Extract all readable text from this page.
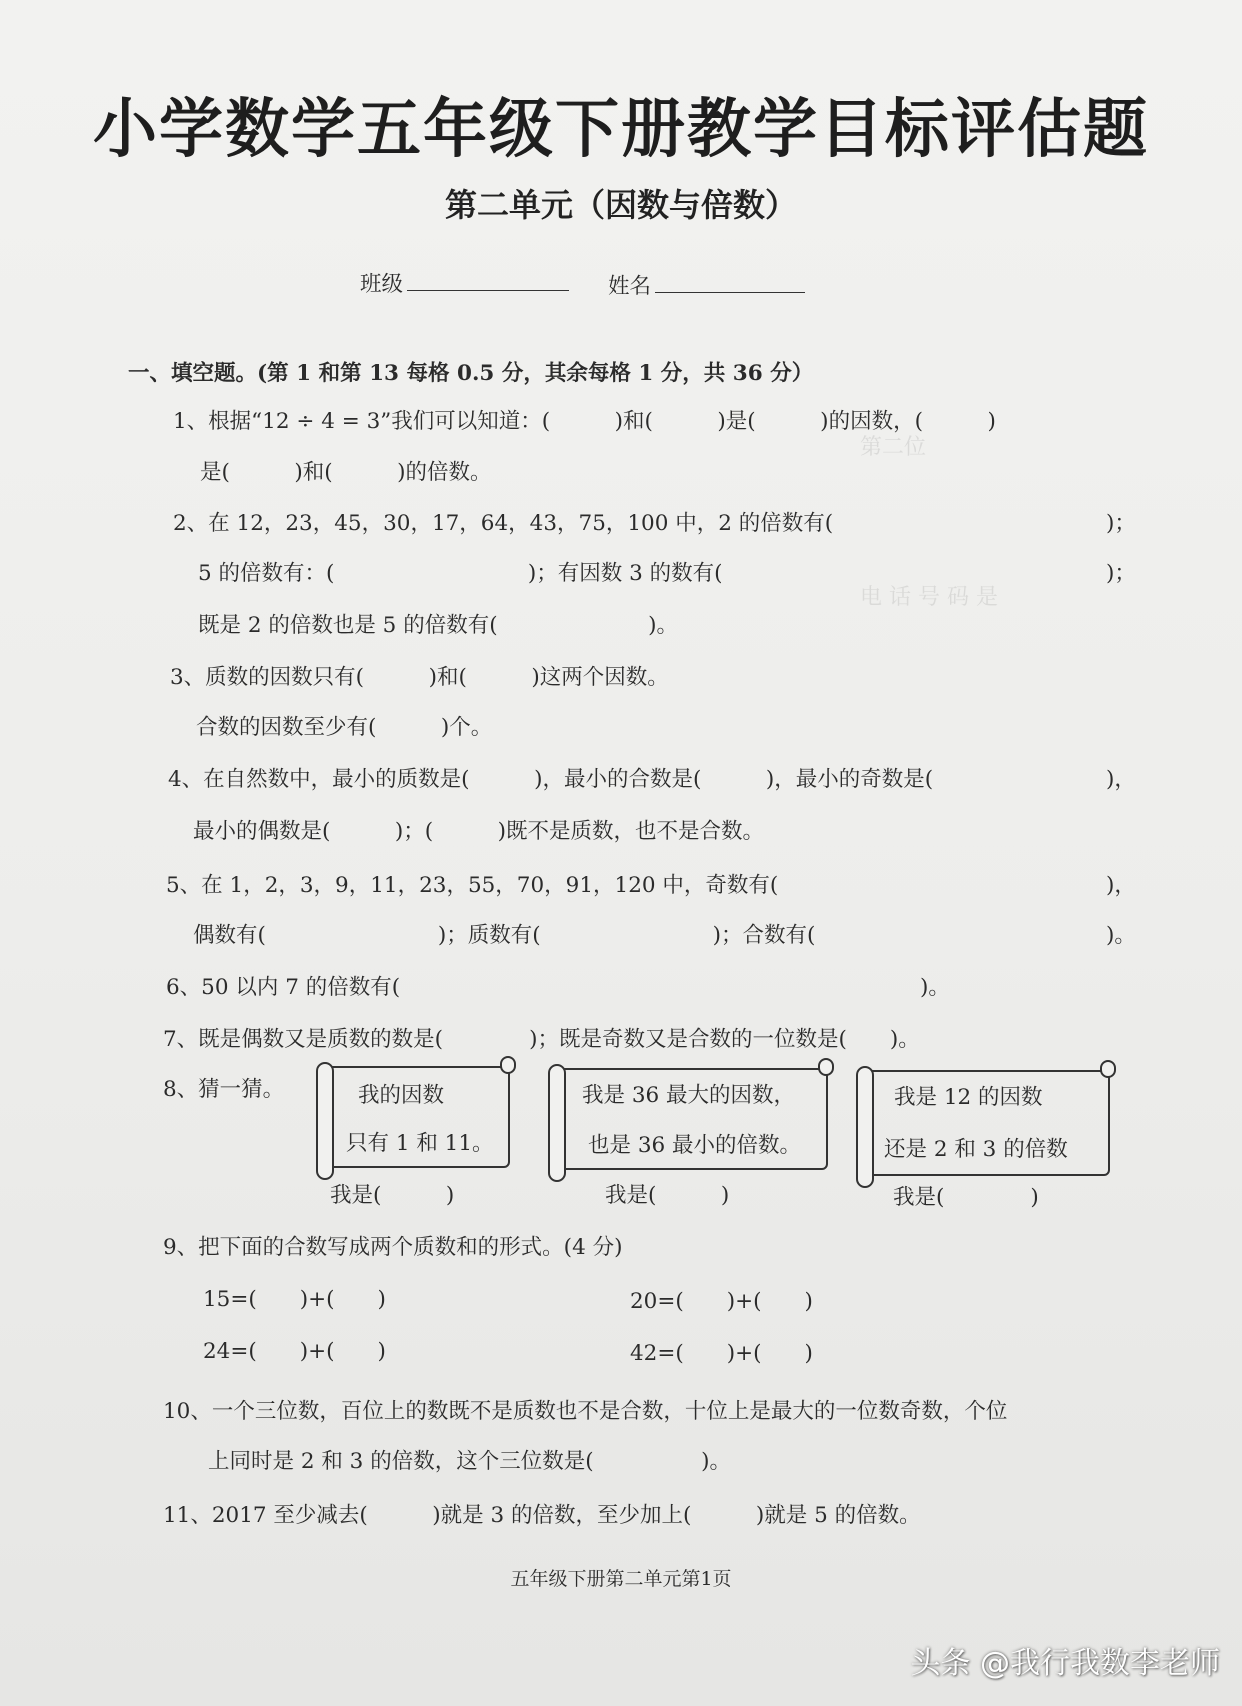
第二位
电 话 号 码 是
小学数学五年级下册教学目标评估题
第二单元（因数与倍数）
班级	姓名
一、填空题。(第 1 和第 13 每格 0.5 分，其余每格 1 分，共 36 分）
1、根据“12 ÷ 4 = 3”我们可以知道：(　　　)和(　　　)是(　　　)的因数，(　　　)
是(　　　)和(　　　)的倍数。
2、在 12，23，45，30，17，64，43，75，100 中，2 的倍数有(	)；
5 的倍数有：(　　　　　　　　　)；有因数 3 的数有(	)；
既是 2 的倍数也是 5 的倍数有(　　　　　　　)。
3、质数的因数只有(　　　)和(　　　)这两个因数。
合数的因数至少有(　　　)个。
4、在自然数中，最小的质数是(　　　)，最小的合数是(　　　)，最小的奇数是(	)，
最小的偶数是(　　　)；(　　　)既不是质数，也不是合数。
5、在 1，2，3，9，11，23，55，70，91，120 中，奇数有(	)，
偶数有(　　　　　　　　)；质数有(　　　　　　　　)；合数有(	)。
6、50 以内 7 的倍数有(	)。
7、既是偶数又是质数的数是(　　　　)；既是奇数又是合数的一位数是(　　)。
8、猜一猜。	我的因数
只有 1 和 11。
我是 36 最大的因数，
也是 36 最小的倍数。
我是 12 的因数
还是 2 和 3 的倍数
我是(　　　)	我是(　　　)	我是(　　　　)
9、把下面的合数写成两个质数和的形式。(4 分)
15=(　　)+(　　)	20=(　　)+(　　)
24=(　　)+(　　)	42=(　　)+(　　)
10、一个三位数，百位上的数既不是质数也不是合数，十位上是最大的一位数奇数，个位
上同时是 2 和 3 的倍数，这个三位数是(　　　　　)。
11、2017 至少减去(　　　)就是 3 的倍数，至少加上(　　　)就是 5 的倍数。
五年级下册第二单元第1页
头条 @我行我数李老师
